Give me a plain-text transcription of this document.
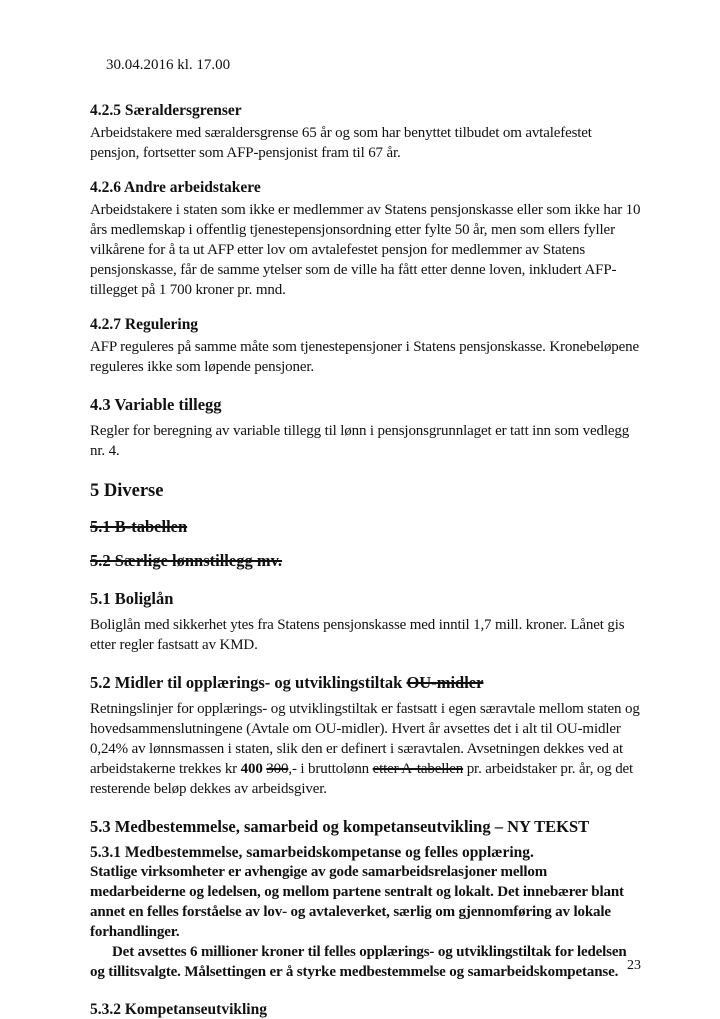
30.04.2016 kl. 17.00

4.2.5 Særaldersgrenser

Arbeidstakere med særaldersgrense 65 år og som har benyttet tilbudet om avtalefestet pensjon, fortsetter som AFP-pensjonist fram til 67 år.

4.2.6 Andre arbeidstakere

Arbeidstakere i staten som ikke er medlemmer av Statens pensjonskasse eller som ikke har 10 års medlemskap i offentlig tjenestepensjonsordning etter fylte 50 år, men som ellers fyller vilkårene for å ta ut AFP etter lov om avtalefestet pensjon for medlemmer av Statens pensjonskasse, får de samme ytelser som de ville ha fått etter denne loven, inkludert AFP-tillegget på 1 700 kroner pr. mnd.

4.2.7 Regulering

AFP reguleres på samme måte som tjenestepensjoner i Statens pensjonskasse. Kronebeløpene reguleres ikke som løpende pensjoner.

4.3 Variable tillegg

Regler for beregning av variable tillegg til lønn i pensjonsgrunnlaget er tatt inn som vedlegg nr. 4.

5 Diverse
5.1 B-tabellen
5.2 Særlige lønnstillegg mv.
5.1 Boliglån

Boliglån med sikkerhet ytes fra Statens pensjonskasse med inntil 1,7 mill. kroner. Lånet gis etter regler fastsatt av KMD.

5.2 Midler til opplærings- og utviklingstiltak OU-midler

Retningslinjer for opplærings- og utviklingstiltak er fastsatt i egen særavtale mellom staten og hovedsammenslutningene (Avtale om OU-midler). Hvert år avsettes det i alt til OU-midler 0,24% av lønnsmassen i staten, slik den er definert i særavtalen. Avsetningen dekkes ved at arbeidstakerne trekkes kr 400 300,- i bruttolønn etter A-tabellen pr. arbeidstaker pr. år, og det resterende beløp dekkes av arbeidsgiver.

5.3 Medbestemmelse, samarbeid og kompetanseutvikling – NY TEKST
5.3.1 Medbestemmelse, samarbeidskompetanse og felles opplæring.

Statlige virksomheter er avhengige av gode samarbeidsrelasjoner mellom medarbeiderne og ledelsen, og mellom partene sentralt og lokalt. Det innebærer blant annet en felles forståelse av lov- og avtaleverket, særlig om gjennomføring av lokale forhandlinger.

Det avsettes 6 millioner kroner til felles opplærings- og utviklingstiltak for ledelsen og tillitsvalgte. Målsettingen er å styrke medbestemmelse og samarbeidskompetanse.

5.3.2 Kompetanseutvikling
23
